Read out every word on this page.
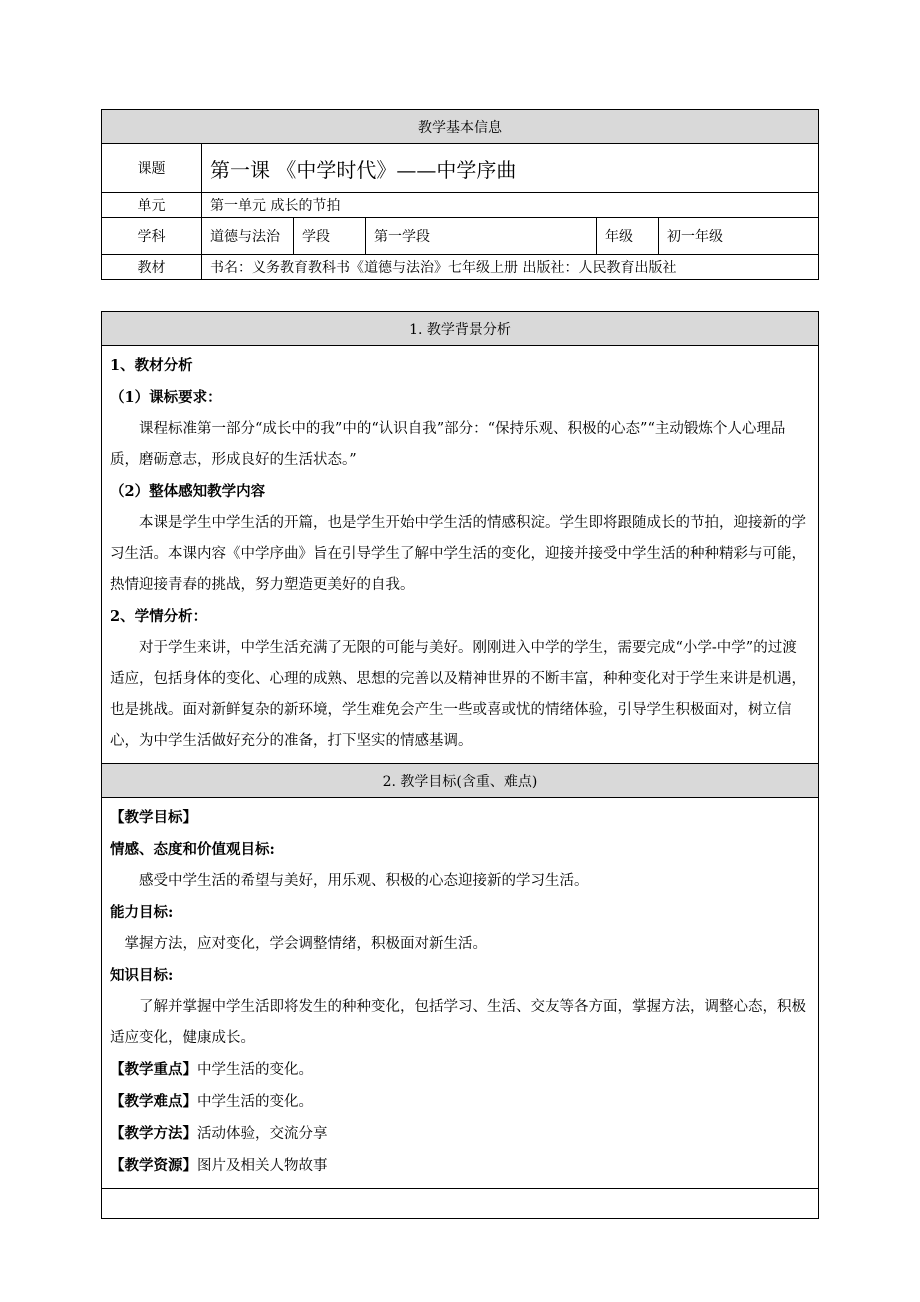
教学基本信息					
课题	第一课 《中学时代》——中学序曲				
单元	第一单元 成长的节拍				
学科	道德与法治	学段	第一学段	年级	初一年级
教材	书名：义务教育教科书《道德与法治》七年级上册 出版社：人民教育出版社				
1. 教学背景分析

1、教材分析

（1）课标要求：

课程标准第一部分“成长中的我”中的“认识自我”部分：“保持乐观、积极的心态”“主动锻炼个人心理品质，磨砺意志，形成良好的生活状态。”

（2）整体感知教学内容

本课是学生中学生活的开篇，也是学生开始中学生活的情感积淀。学生即将跟随成长的节拍，迎接新的学习生活。本课内容《中学序曲》旨在引导学生了解中学生活的变化，迎接并接受中学生活的种种精彩与可能，热情迎接青春的挑战，努力塑造更美好的自我。

2、学情分析：

对于学生来讲，中学生活充满了无限的可能与美好。刚刚进入中学的学生，需要完成“小学-中学”的过渡适应，包括身体的变化、心理的成熟、思想的完善以及精神世界的不断丰富，种种变化对于学生来讲是机遇，也是挑战。面对新鲜复杂的新环境，学生难免会产生一些或喜或忧的情绪体验，引导学生积极面对，树立信心，为中学生活做好充分的准备，打下坚实的情感基调。

2. 教学目标(含重、难点)

【教学目标】

情感、态度和价值观目标:

感受中学生活的希望与美好，用乐观、积极的心态迎接新的学习生活。

能力目标:

掌握方法，应对变化，学会调整情绪，积极面对新生活。

知识目标:

了解并掌握中学生活即将发生的种种变化，包括学习、生活、交友等各方面，掌握方法，调整心态，积极适应变化，健康成长。

【教学重点】中学生活的变化。

【教学难点】中学生活的变化。

【教学方法】活动体验，交流分享

【教学资源】图片及相关人物故事
